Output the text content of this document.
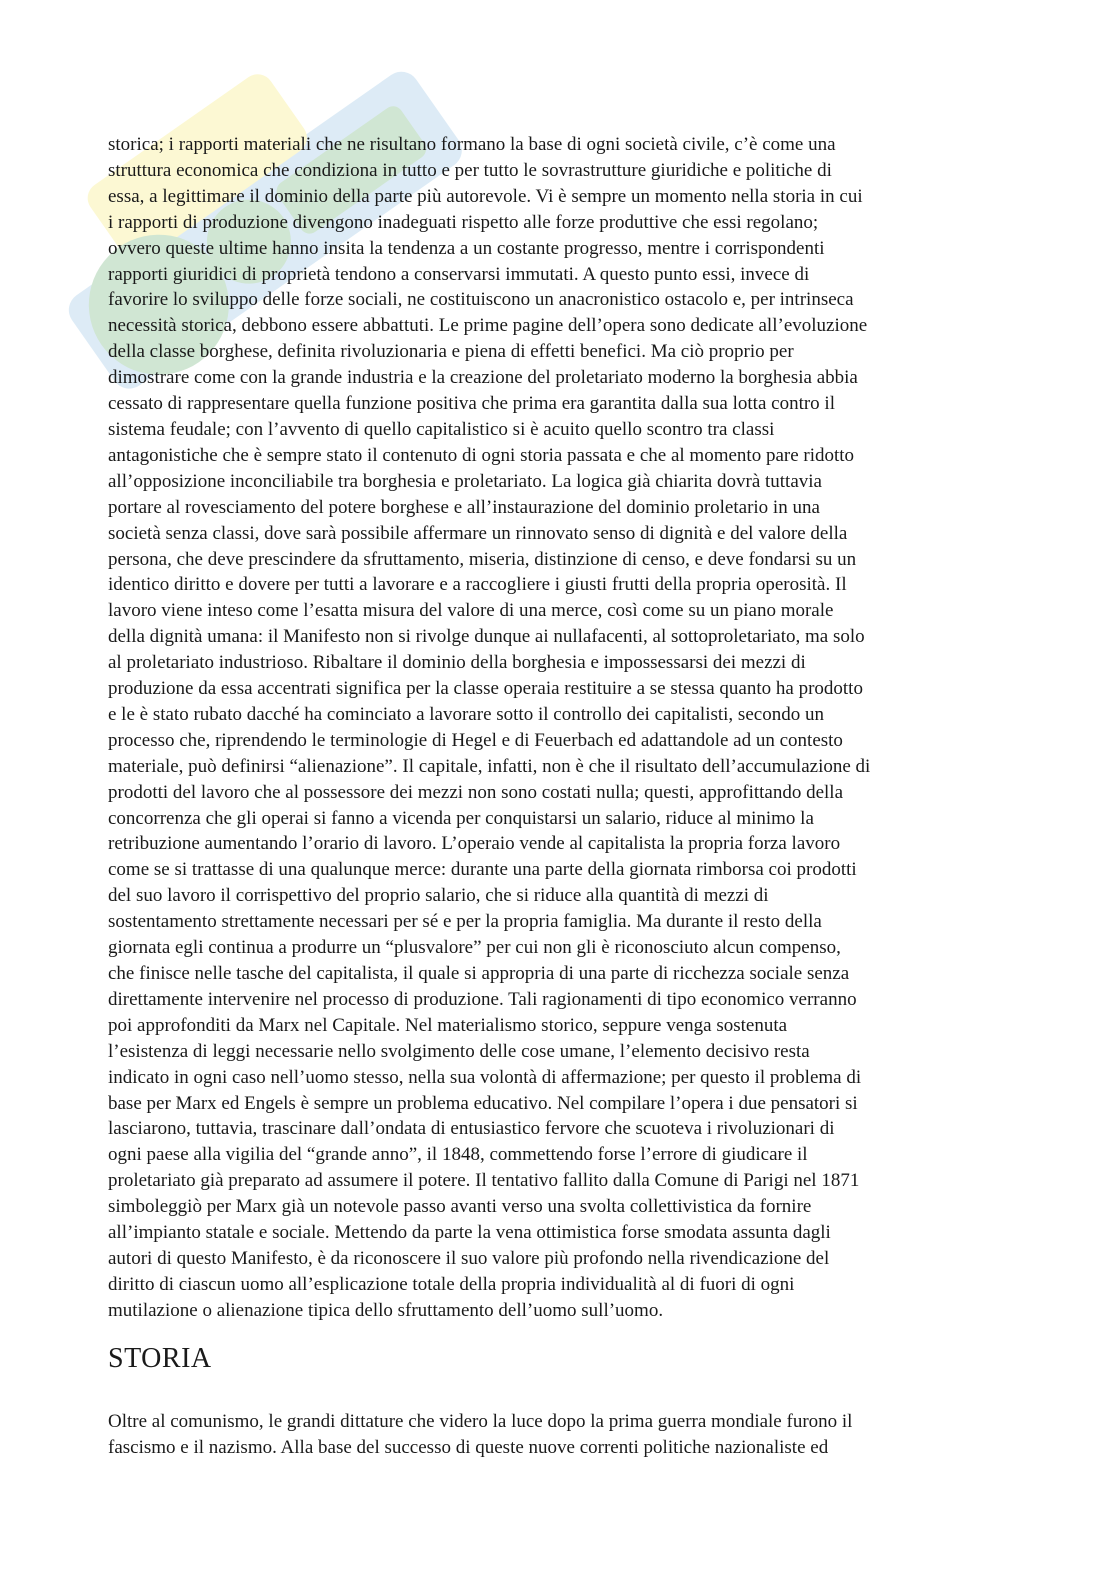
storica; i rapporti materiali che ne risultano formano la base di ogni società civile, c’è come una
struttura economica che condiziona in tutto e per tutto le sovrastrutture giuridiche e politiche di
essa, a legittimare il dominio della parte più autorevole. Vi è sempre un momento nella storia in cui
i rapporti di produzione divengono inadeguati rispetto alle forze produttive che essi regolano;
ovvero queste ultime hanno insita la tendenza a un costante progresso, mentre i corrispondenti
rapporti giuridici di proprietà tendono a conservarsi immutati. A questo punto essi, invece di
favorire lo sviluppo delle forze sociali, ne costituiscono un anacronistico ostacolo e, per intrinseca
necessità storica, debbono essere abbattuti. Le prime pagine dell’opera sono dedicate all’evoluzione
della classe borghese, definita rivoluzionaria e piena di effetti benefici. Ma ciò proprio per
dimostrare come con la grande industria e la creazione del proletariato moderno la borghesia abbia
cessato di rappresentare quella funzione positiva che prima era garantita dalla sua lotta contro il
sistema feudale; con l’avvento di quello capitalistico si è acuito quello scontro tra classi
antagonistiche che è sempre stato il contenuto di ogni storia passata e che al momento pare ridotto
all’opposizione inconciliabile tra borghesia e proletariato. La logica già chiarita dovrà tuttavia
portare al rovesciamento del potere borghese e all’instaurazione del dominio proletario in una
società senza classi, dove sarà possibile affermare un rinnovato senso di dignità e del valore della
persona, che deve prescindere da sfruttamento, miseria, distinzione di censo, e deve fondarsi su un
identico diritto e dovere per tutti a lavorare e a raccogliere i giusti frutti della propria operosità. Il
lavoro viene inteso come l’esatta misura del valore di una merce, così come su un piano morale
della dignità umana: il Manifesto non si rivolge dunque ai nullafacenti, al sottoproletariato, ma solo
al proletariato industrioso. Ribaltare il dominio della borghesia e impossessarsi dei mezzi di
produzione da essa accentrati significa per la classe operaia restituire a se stessa quanto ha prodotto
e le è stato rubato dacché ha cominciato a lavorare sotto il controllo dei capitalisti, secondo un
processo che, riprendendo le terminologie di Hegel e di Feuerbach ed adattandole ad un contesto
materiale, può definirsi “alienazione”. Il capitale, infatti, non è che il risultato dell’accumulazione di
prodotti del lavoro che al possessore dei mezzi non sono costati nulla; questi, approfittando della
concorrenza che gli operai si fanno a vicenda per conquistarsi un salario, riduce al minimo la
retribuzione aumentando l’orario di lavoro. L’operaio vende al capitalista la propria forza lavoro
come se si trattasse di una qualunque merce: durante una parte della giornata rimborsa coi prodotti
del suo lavoro il corrispettivo del proprio salario, che si riduce alla quantità di mezzi di
sostentamento strettamente necessari per sé e per la propria famiglia. Ma durante il resto della
giornata egli continua a produrre un “plusvalore” per cui non gli è riconosciuto alcun compenso,
che finisce nelle tasche del capitalista, il quale si appropria di una parte di ricchezza sociale senza
direttamente intervenire nel processo di produzione. Tali ragionamenti di tipo economico verranno
poi approfonditi da Marx nel Capitale. Nel materialismo storico, seppure venga sostenuta
l’esistenza di leggi necessarie nello svolgimento delle cose umane, l’elemento decisivo resta
indicato in ogni caso nell’uomo stesso, nella sua volontà di affermazione; per questo il problema di
base per Marx ed Engels è sempre un problema educativo. Nel compilare l’opera i due pensatori si
lasciarono, tuttavia, trascinare dall’ondata di entusiastico fervore che scuoteva i rivoluzionari di
ogni paese alla vigilia del “grande anno”, il 1848, commettendo forse l’errore di giudicare il
proletariato già preparato ad assumere il potere. Il tentativo fallito dalla Comune di Parigi nel 1871
simboleggiò per Marx già un notevole passo avanti verso una svolta collettivistica da fornire
all’impianto statale e sociale. Mettendo da parte la vena ottimistica forse smodata assunta dagli
autori di questo Manifesto, è da riconoscere il suo valore più profondo nella rivendicazione del
diritto di ciascun uomo all’esplicazione totale della propria individualità al di fuori di ogni
mutilazione o alienazione tipica dello sfruttamento dell’uomo sull’uomo.

STORIA

Oltre al comunismo, le grandi dittature che videro la luce dopo la prima guerra mondiale furono il
fascismo e il nazismo. Alla base del successo di queste nuove correnti politiche nazionaliste ed
